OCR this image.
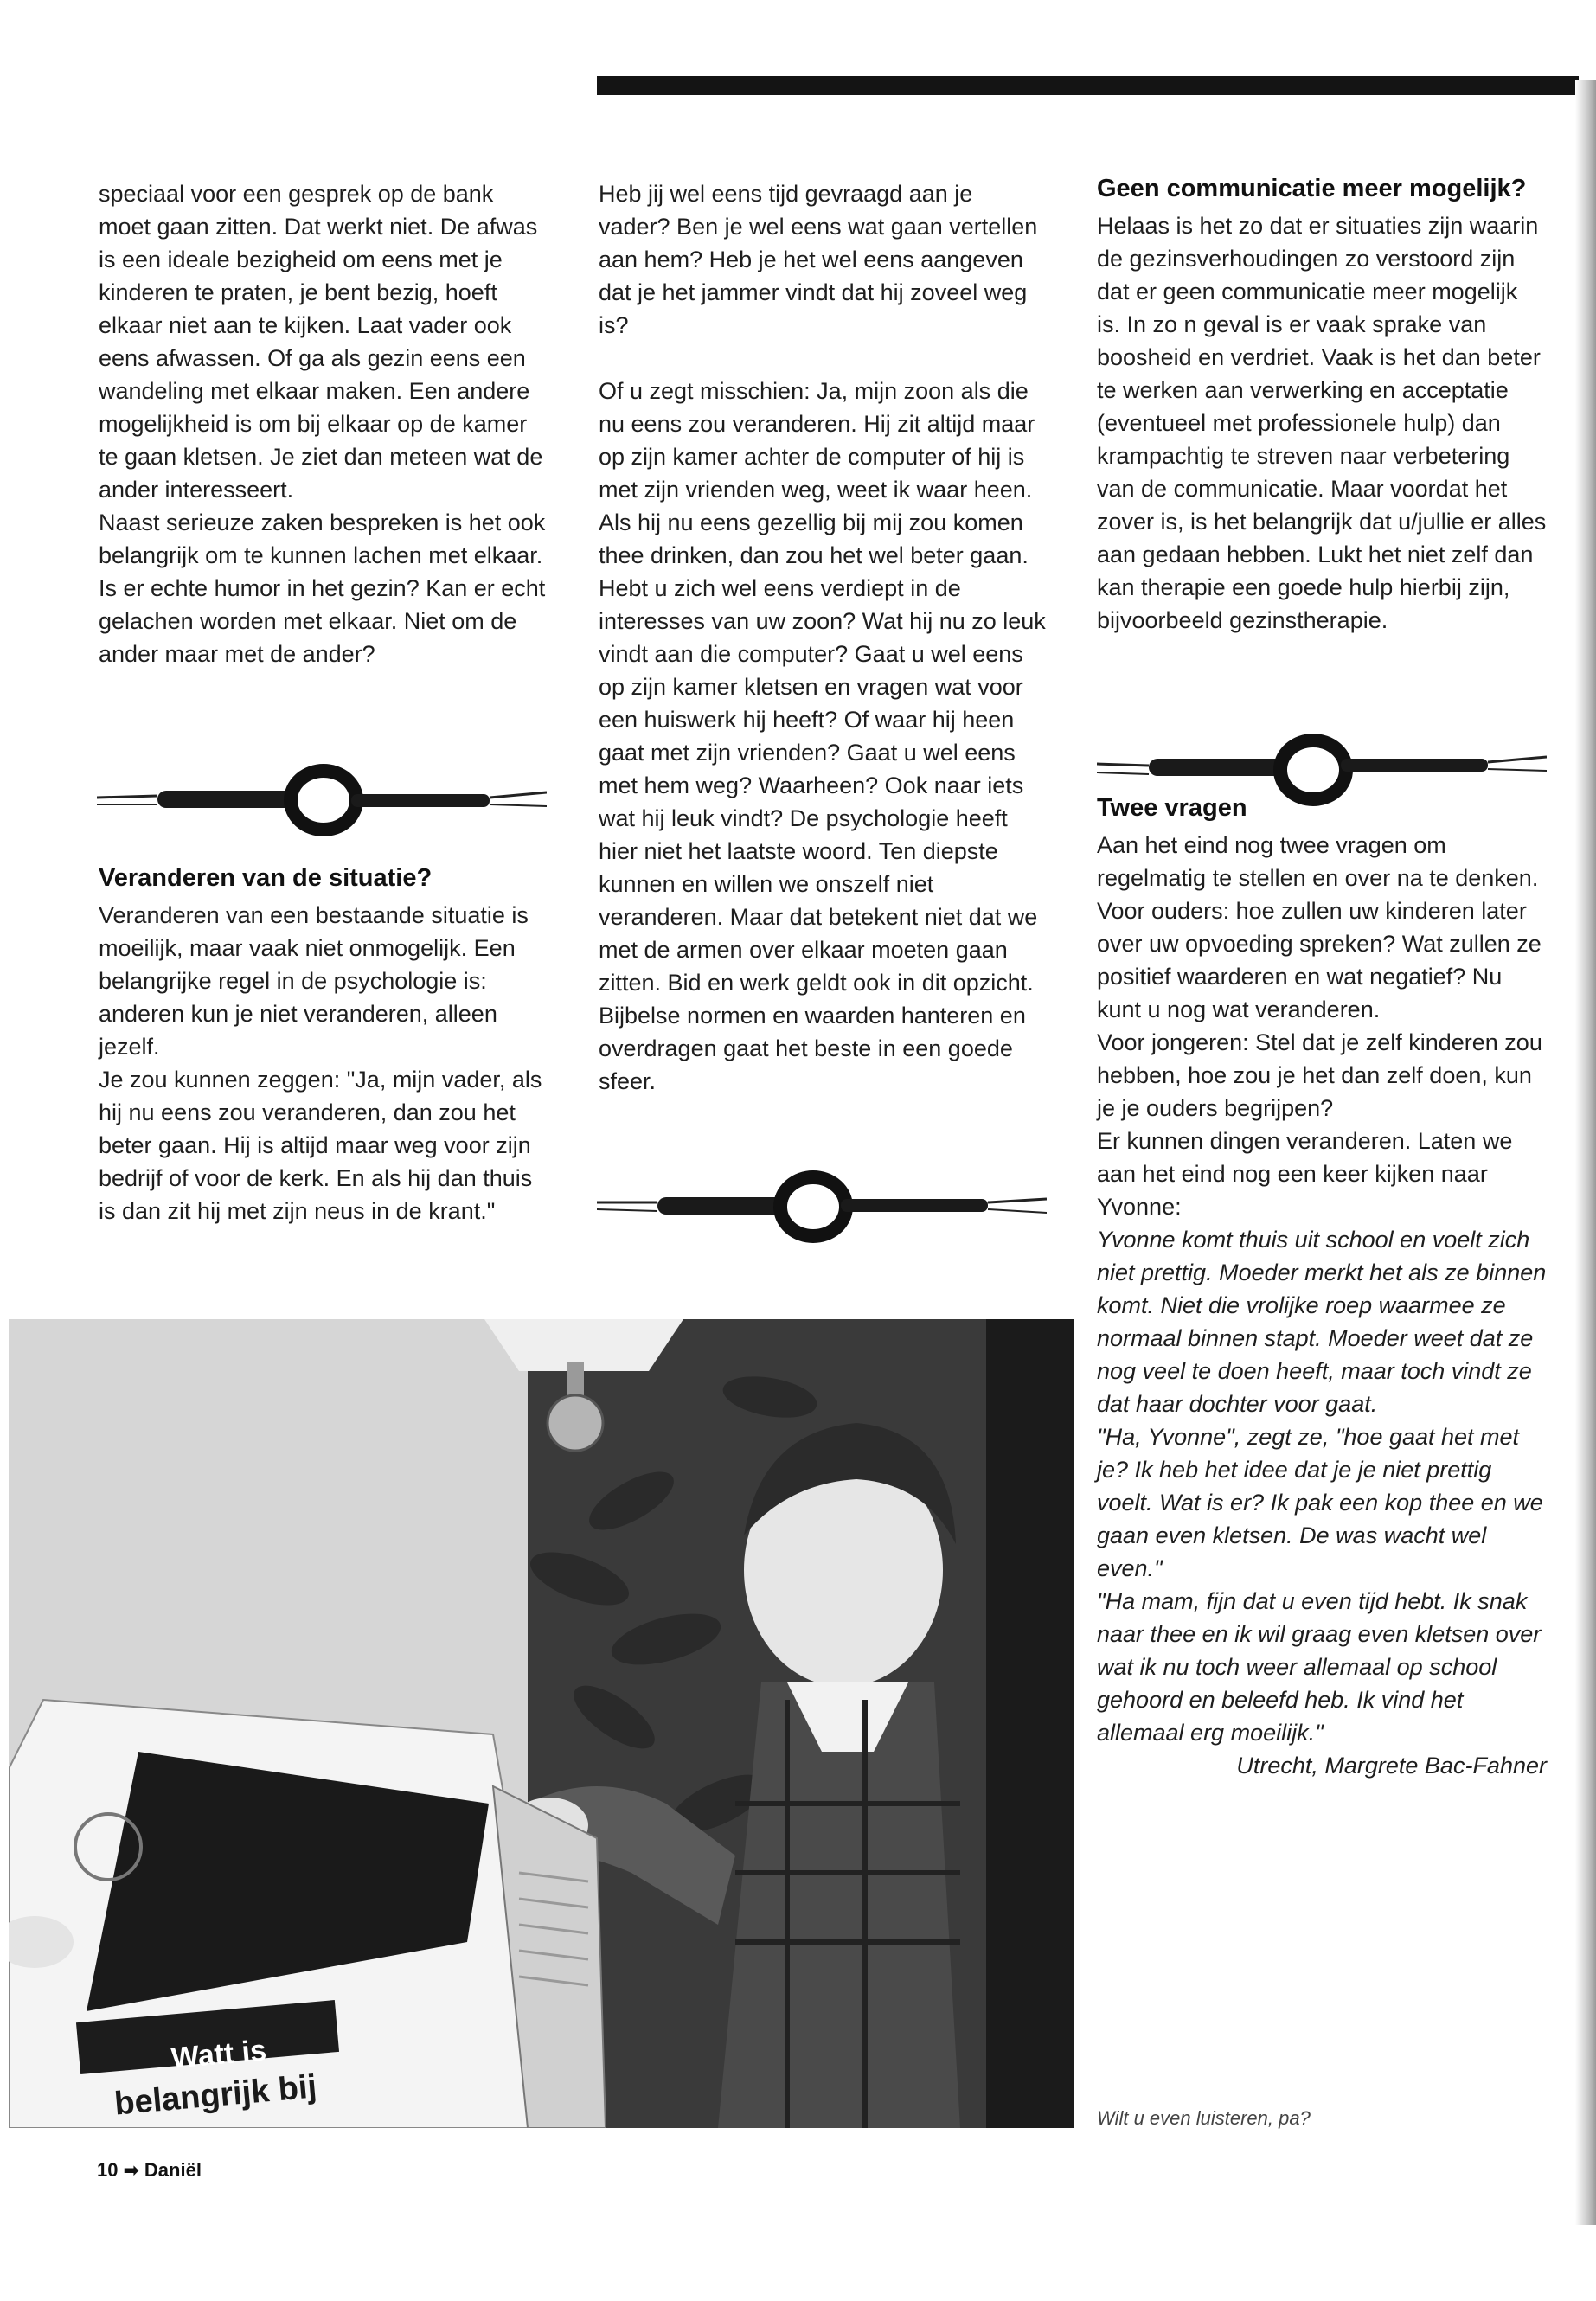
speciaal voor een gesprek op de bank moet gaan zitten. Dat werkt niet. De afwas is een ideale bezigheid om eens met je kinderen te praten, je bent bezig, hoeft elkaar niet aan te kijken. Laat vader ook eens afwassen. Of ga als gezin eens een wandeling met elkaar maken. Een andere mogelijkheid is om bij elkaar op de kamer te gaan kletsen. Je ziet dan meteen wat de ander interesseert.

Naast serieuze zaken bespreken is het ook belangrijk om te kunnen lachen met elkaar. Is er echte humor in het gezin? Kan er echt gelachen worden met elkaar. Niet om de ander maar met de ander?

Veranderen van de situatie?

Veranderen van een bestaande situatie is moeilijk, maar vaak niet onmogelijk. Een belangrijke regel in de psychologie is: anderen kun je niet veranderen, alleen jezelf.

Je zou kunnen zeggen: "Ja, mijn vader, als hij nu eens zou veranderen, dan zou het beter gaan. Hij is altijd maar weg voor zijn bedrijf of voor de kerk. En als hij dan thuis is dan zit hij met zijn neus in de krant."

Heb jij wel eens tijd gevraagd aan je vader? Ben je wel eens wat gaan vertellen aan hem? Heb je het wel eens aangeven dat je het jammer vindt dat hij zoveel weg is?

Of u zegt misschien: Ja, mijn zoon als die nu eens zou veranderen. Hij zit altijd maar op zijn kamer achter de computer of hij is met zijn vrienden weg, weet ik waar heen. Als hij nu eens gezellig bij mij zou komen thee drinken, dan zou het wel beter gaan.

Hebt u zich wel eens verdiept in de interesses van uw zoon? Wat hij nu zo leuk vindt aan die computer? Gaat u wel eens op zijn kamer kletsen en vragen wat voor een huiswerk hij heeft? Of waar hij heen gaat met zijn vrienden? Gaat u wel eens met hem weg? Waarheen? Ook naar iets wat hij leuk vindt? De psychologie heeft hier niet het laatste woord. Ten diepste kunnen en willen we onszelf niet veranderen. Maar dat betekent niet dat we met de armen over elkaar moeten gaan zitten. Bid en werk geldt ook in dit opzicht. Bijbelse normen en waarden hanteren en overdragen gaat het beste in een goede sfeer.

Geen communicatie meer mogelijk?

Helaas is het zo dat er situaties zijn waarin de gezinsverhoudingen zo verstoord zijn dat er geen communicatie meer mogelijk is. In zo n geval is er vaak sprake van boosheid en verdriet. Vaak is het dan beter te werken aan verwerking en acceptatie (eventueel met professionele hulp) dan krampachtig te streven naar verbetering van de communicatie. Maar voordat het zover is, is het belangrijk dat u/jullie er alles aan gedaan hebben. Lukt het niet zelf dan kan therapie een goede hulp hierbij zijn, bijvoorbeeld gezinstherapie.

Twee vragen

Aan het eind nog twee vragen om regelmatig te stellen en over na te denken.

Voor ouders: hoe zullen uw kinderen later over uw opvoeding spreken? Wat zullen ze positief waarderen en wat negatief? Nu kunt u nog wat veranderen.

Voor jongeren: Stel dat je zelf kinderen zou hebben, hoe zou je het dan zelf doen, kun je je ouders begrijpen?

Er kunnen dingen veranderen. Laten we aan het eind nog een keer kijken naar Yvonne:

Yvonne komt thuis uit school en voelt zich niet prettig. Moeder merkt het als ze binnen komt. Niet die vrolijke roep waarmee ze normaal binnen stapt. Moeder weet dat ze nog veel te doen heeft, maar toch vindt ze dat haar dochter voor gaat.

"Ha, Yvonne", zegt ze, "hoe gaat het met je? Ik heb het idee dat je je niet prettig voelt. Wat is er? Ik pak een kop thee en we gaan even kletsen. De was wacht wel even."

"Ha mam, fijn dat u even tijd hebt. Ik snak naar thee en ik wil graag even kletsen over wat ik nu toch weer allemaal op school gehoord en beleefd heb. Ik vind het allemaal erg moeilijk."

Utrecht, Margrete Bac-Fahner

Watt is
belangrijk bij	Wilt u even luisteren, pa?
10 ➡ Daniël
